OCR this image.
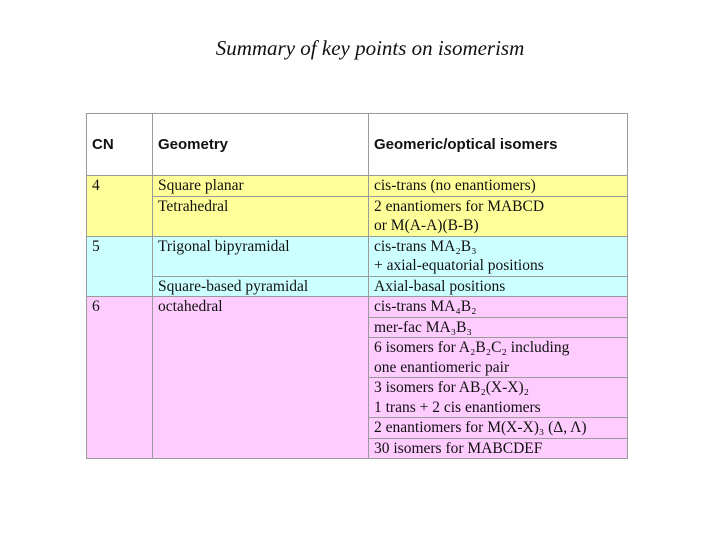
Summary of key points on isomerism
CN	Geometry	Geomeric/optical isomers
4	Square planar	cis-trans (no enantiomers)

	Tetrahedral	2 enantiomers for MABCD
or M(A-A)(B-B)

5	Trigonal bipyramidal	cis-trans MA₂B₃
+ axial-equatorial positions

	Square-based pyramidal	Axial-basal positions

6	octahedral	cis-trans MA₄B₂

		mer-fac MA₃B₃

		6 isomers for A₂B₂C₂ including
one enantiomeric pair

		3 isomers for AB₂(X-X)₂
1 trans + 2 cis enantiomers

		2 enantiomers for M(X-X)₃ (Δ, Λ)

		30 isomers for MABCDEF
